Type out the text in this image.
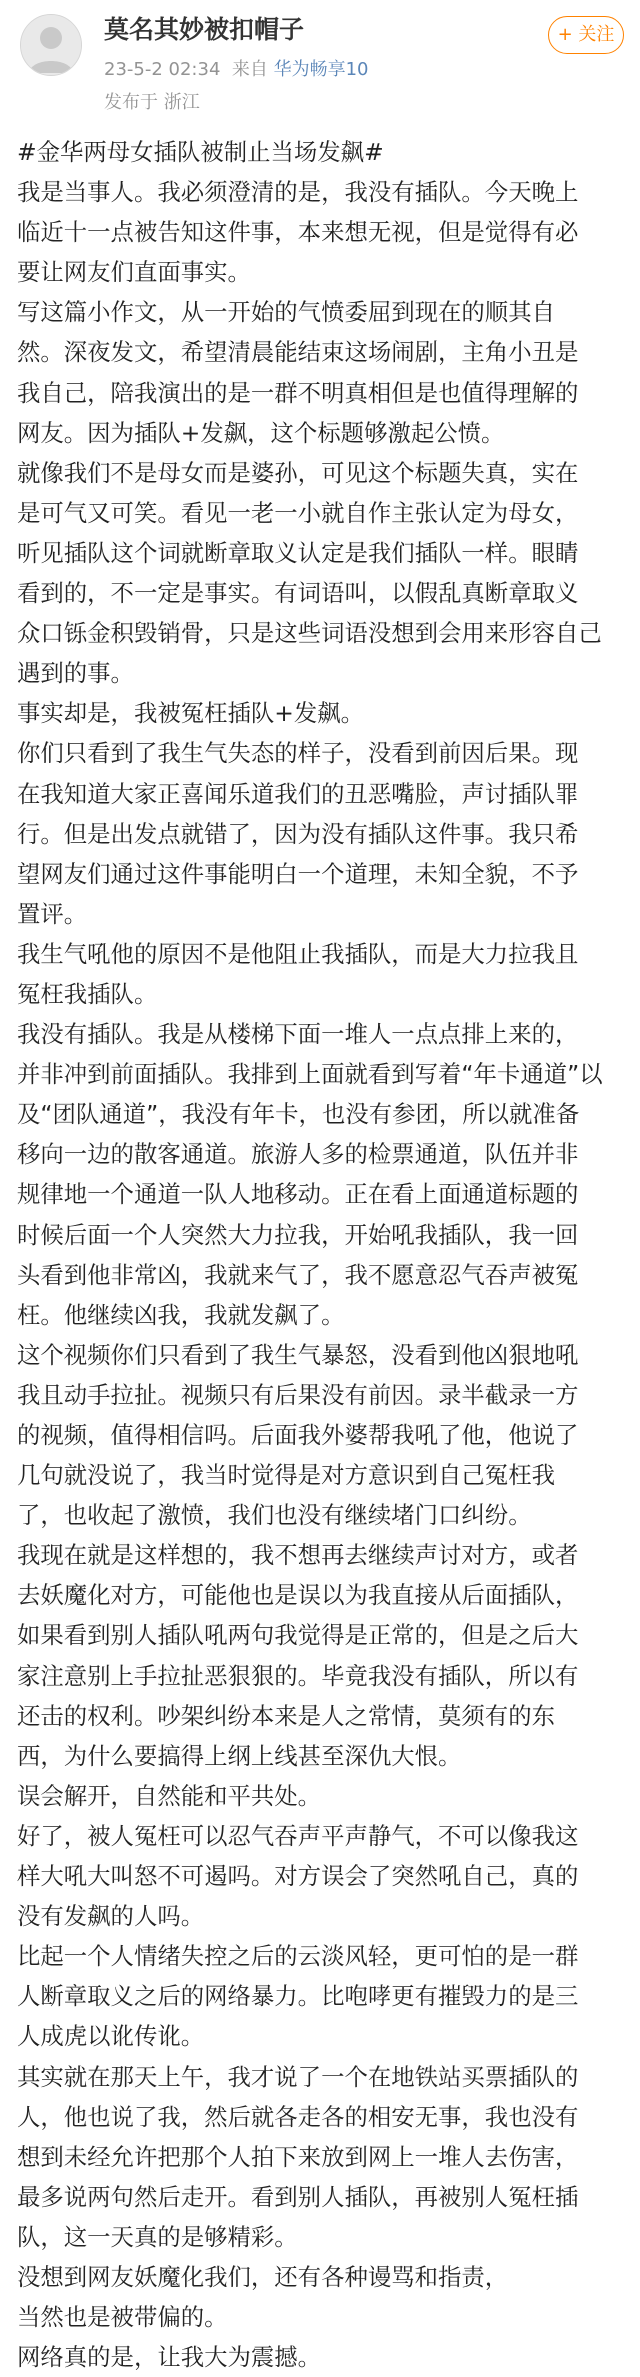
莫名其妙被扣帽子
23-5-2 02:34 来自 华为畅享10
发布于 浙江
+ 关注
#金华两母女插队被制止当场发飙#
我是当事人。我必须澄清的是，我没有插队。今天晚上
临近十一点被告知这件事，本来想无视，但是觉得有必
要让网友们直面事实。
写这篇小作文，从一开始的气愤委屈到现在的顺其自
然。深夜发文，希望清晨能结束这场闹剧，主角小丑是
我自己，陪我演出的是一群不明真相但是也值得理解的
网友。因为插队+发飙，这个标题够激起公愤。
就像我们不是母女而是婆孙，可见这个标题失真，实在
是可气又可笑。看见一老一小就自作主张认定为母女，
听见插队这个词就断章取义认定是我们插队一样。眼睛
看到的，不一定是事实。有词语叫，以假乱真断章取义
众口铄金积毁销骨，只是这些词语没想到会用来形容自己
遇到的事。
事实却是，我被冤枉插队+发飙。
你们只看到了我生气失态的样子，没看到前因后果。现
在我知道大家正喜闻乐道我们的丑恶嘴脸，声讨插队罪
行。但是出发点就错了，因为没有插队这件事。我只希
望网友们通过这件事能明白一个道理，未知全貌，不予
置评。
我生气吼他的原因不是他阻止我插队，而是大力拉我且
冤枉我插队。
我没有插队。我是从楼梯下面一堆人一点点排上来的，
并非冲到前面插队。我排到上面就看到写着“年卡通道”以
及“团队通道”，我没有年卡，也没有参团，所以就准备
移向一边的散客通道。旅游人多的检票通道，队伍并非
规律地一个通道一队人地移动。正在看上面通道标题的
时候后面一个人突然大力拉我，开始吼我插队，我一回
头看到他非常凶，我就来气了，我不愿意忍气吞声被冤
枉。他继续凶我，我就发飙了。
这个视频你们只看到了我生气暴怒，没看到他凶狠地吼
我且动手拉扯。视频只有后果没有前因。录半截录一方
的视频，值得相信吗。后面我外婆帮我吼了他，他说了
几句就没说了，我当时觉得是对方意识到自己冤枉我
了，也收起了激愤，我们也没有继续堵门口纠纷。
我现在就是这样想的，我不想再去继续声讨对方，或者
去妖魔化对方，可能他也是误以为我直接从后面插队，
如果看到别人插队吼两句我觉得是正常的，但是之后大
家注意别上手拉扯恶狠狠的。毕竟我没有插队，所以有
还击的权利。吵架纠纷本来是人之常情，莫须有的东
西，为什么要搞得上纲上线甚至深仇大恨。
误会解开，自然能和平共处。
好了，被人冤枉可以忍气吞声平声静气，不可以像我这
样大吼大叫怒不可遏吗。对方误会了突然吼自己，真的
没有发飙的人吗。
比起一个人情绪失控之后的云淡风轻，更可怕的是一群
人断章取义之后的网络暴力。比咆哮更有摧毁力的是三
人成虎以讹传讹。
其实就在那天上午，我才说了一个在地铁站买票插队的
人，他也说了我，然后就各走各的相安无事，我也没有
想到未经允许把那个人拍下来放到网上一堆人去伤害，
最多说两句然后走开。看到别人插队，再被别人冤枉插
队，这一天真的是够精彩。
没想到网友妖魔化我们，还有各种谩骂和指责，
当然也是被带偏的。
网络真的是，让我大为震撼。
